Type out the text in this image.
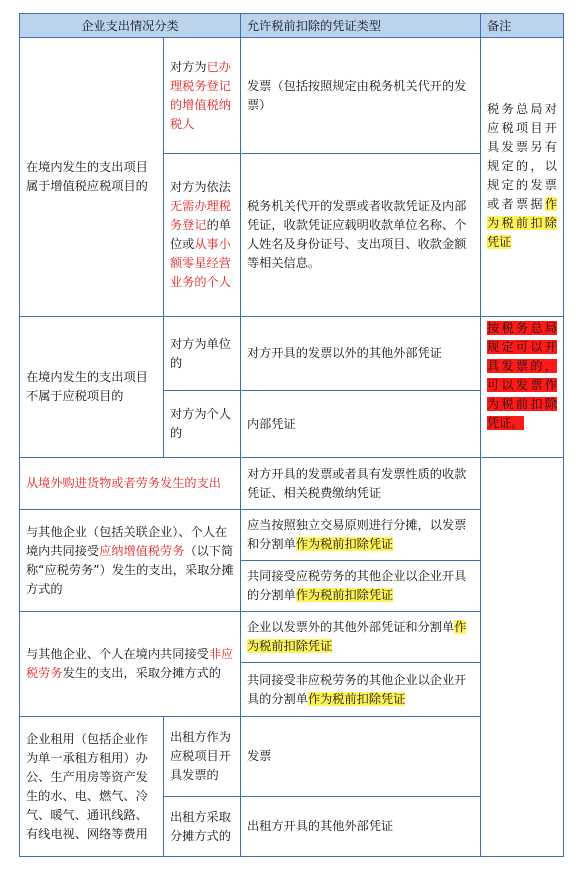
企业支出情况分类		允许税前扣除的凭证类型	备注
在境内发生的支出项目属于增值税应税项目的	对方为已办理税务登记的增值税纳税人	发票（包括按照规定由税务机关代开的发票）	税务总局对应税项目开具发票另有规定的，以规定的发票或者票据作为税前扣除凭证
	对方为依法无需办理税务登记的单位或从事小额零星经营业务的个人	税务机关代开的发票或者收款凭证及内部凭证，收款凭证应载明收款单位名称、个人姓名及身份证号、支出项目、收款金额等相关信息。	
在境内发生的支出项目不属于应税项目的	对方为单位的	对方开具的发票以外的其他外部凭证	按税务总局规定可以开具发票的，可以发票作为税前扣除凭证。
	对方为个人的	内部凭证	
从境外购进货物或者劳务发生的支出		对方开具的发票或者具有发票性质的收款凭证、相关税费缴纳凭证	
与其他企业（包括关联企业）、个人在境内共同接受应纳增值税劳务（以下简称“应税劳务”）发生的支出，采取分摊方式的		应当按照独立交易原则进行分摊，以发票和分割单作为税前扣除凭证	
		共同接受应税劳务的其他企业以企业开具的分割单作为税前扣除凭证	
与其他企业、个人在境内共同接受非应税劳务发生的支出，采取分摊方式的		企业以发票外的其他外部凭证和分割单作为税前扣除凭证	
		共同接受非应税劳务的其他企业以企业开具的分割单作为税前扣除凭证	
企业租用（包括企业作为单一承租方租用）办公、生产用房等资产发生的水、电、燃气、冷气、暖气、通讯线路、有线电视、网络等费用	出租方作为应税项目开具发票的	发票	
	出租方采取分摊方式的	出租方开具的其他外部凭证	
